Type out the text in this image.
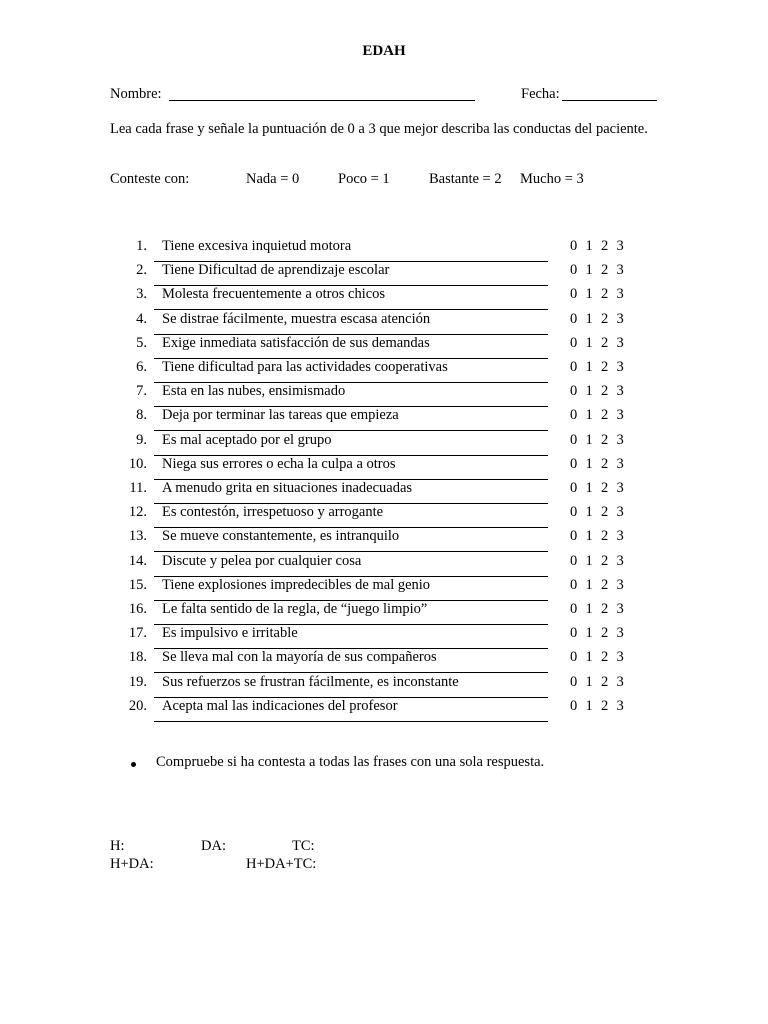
EDAH
Nombre:	Fecha:
Lea cada frase y señale la puntuación de 0 a 3 que mejor describa las conductas del paciente.
Conteste con:	Nada = 0	Poco = 1	Bastante = 2 Mucho = 3
1. Tiene excesiva inquietud motora	0 1 2 3
2. Tiene Dificultad de aprendizaje escolar	0 1 2 3
3. Molesta frecuentemente a otros chicos	0 1 2 3
4. Se distrae fácilmente, muestra escasa atención	0 1 2 3
5. Exige inmediata satisfacción de sus demandas	0 1 2 3
6. Tiene dificultad para las actividades cooperativas	0 1 2 3
7. Esta en las nubes, ensimismado	0 1 2 3
8. Deja por terminar las tareas que empieza	0 1 2 3
9. Es mal aceptado por el grupo	0 1 2 3
10. Niega sus errores o echa la culpa a otros	0 1 2 3
11. A menudo grita en situaciones inadecuadas	0 1 2 3
12. Es contestón, irrespetuoso y arrogante	0 1 2 3
13. Se mueve constantemente, es intranquilo	0 1 2 3
14. Discute y pelea por cualquier cosa	0 1 2 3
15. Tiene explosiones impredecibles de mal genio	0 1 2 3
16. Le falta sentido de la regla, de “juego limpio”	0 1 2 3
17. Es impulsivo e irritable	0 1 2 3
18. Se lleva mal con la mayoría de sus compañeros	0 1 2 3
19. Sus refuerzos se frustran fácilmente, es inconstante	0 1 2 3
20. Acepta mal las indicaciones del profesor	0 1 2 3
Compruebe si ha contesta a todas las frases con una sola respuesta.
H:	DA:	TC:
H+DA:	H+DA+TC:
